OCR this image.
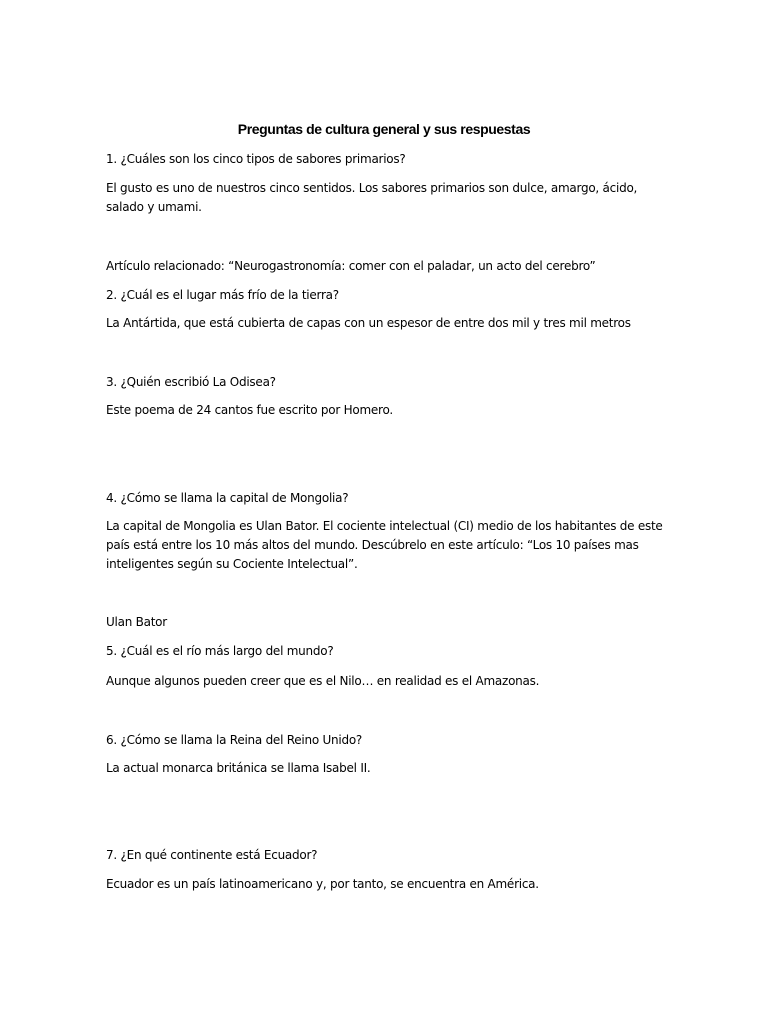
Preguntas de cultura general y sus respuestas

1. ¿Cuáles son los cinco tipos de sabores primarios?

El gusto es uno de nuestros cinco sentidos. Los sabores primarios son dulce, amargo, ácido, salado y umami.

Artículo relacionado: “Neurogastronomía: comer con el paladar, un acto del cerebro”

2. ¿Cuál es el lugar más frío de la tierra?

La Antártida, que está cubierta de capas con un espesor de entre dos mil y tres mil metros

3. ¿Quién escribió La Odisea?

Este poema de 24 cantos fue escrito por Homero.

4. ¿Cómo se llama la capital de Mongolia?

La capital de Mongolia es Ulan Bator. El cociente intelectual (CI) medio de los habitantes de este país está entre los 10 más altos del mundo. Descúbrelo en este artículo: “Los 10 países mas inteligentes según su Cociente Intelectual”.

Ulan Bator

5. ¿Cuál es el río más largo del mundo?

Aunque algunos pueden creer que es el Nilo… en realidad es el Amazonas.

6. ¿Cómo se llama la Reina del Reino Unido?

La actual monarca británica se llama Isabel II.

7. ¿En qué continente está Ecuador?

Ecuador es un país latinoamericano y, por tanto, se encuentra en América.
